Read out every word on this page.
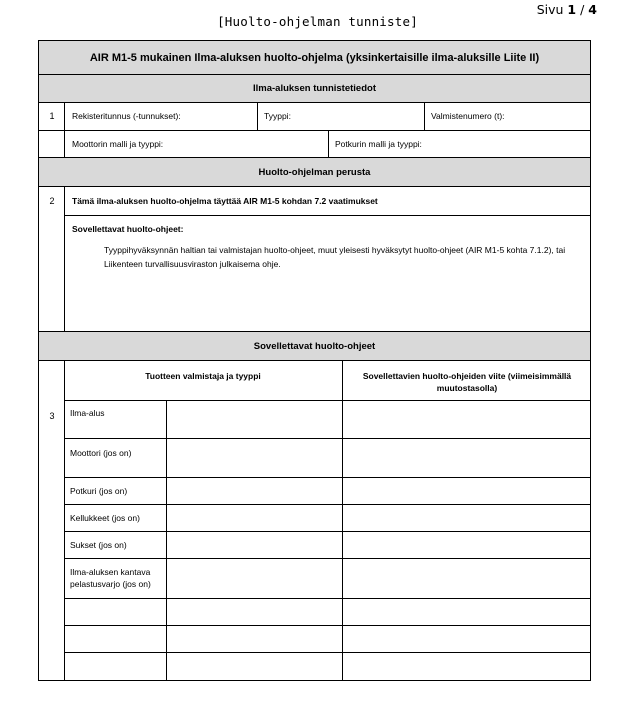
Sivu 1 / 4
[Huolto-ohjelman tunniste]
AIR M1-5 mukainen Ilma-aluksen huolto-ohjelma (yksinkertaisille ilma-aluksille Liite II)
Ilma-aluksen tunnistetiedot
1	Rekisteritunnus (-tunnukset):	Tyyppi:	Valmistenumero (t):
Moottorin malli ja tyyppi:	Potkurin malli ja tyyppi:
Huolto-ohjelman perusta
2	Tämä ilma-aluksen huolto-ohjelma täyttää AIR M1-5 kohdan 7.2 vaatimukset
Sovellettavat huolto-ohjeet:
Tyyppihyväksynnän haltian tai valmistajan huolto-ohjeet, muut yleisesti hyväksytyt huolto-ohjeet (AIR M1-5 kohta 7.1.2), tai Liikenteen turvallisuusviraston julkaisema ohje.
Sovellettavat huolto-ohjeet
3
Tuotteen valmistaja ja tyyppi	Sovellettavien huolto-ohjeiden viite (viimeisimmällä muutostasolla)
Ilma-alus
Moottori (jos on)
Potkuri (jos on)
Kellukkeet (jos on)
Sukset (jos on)
Ilma-aluksen kantava pelastusvarjo (jos on)
